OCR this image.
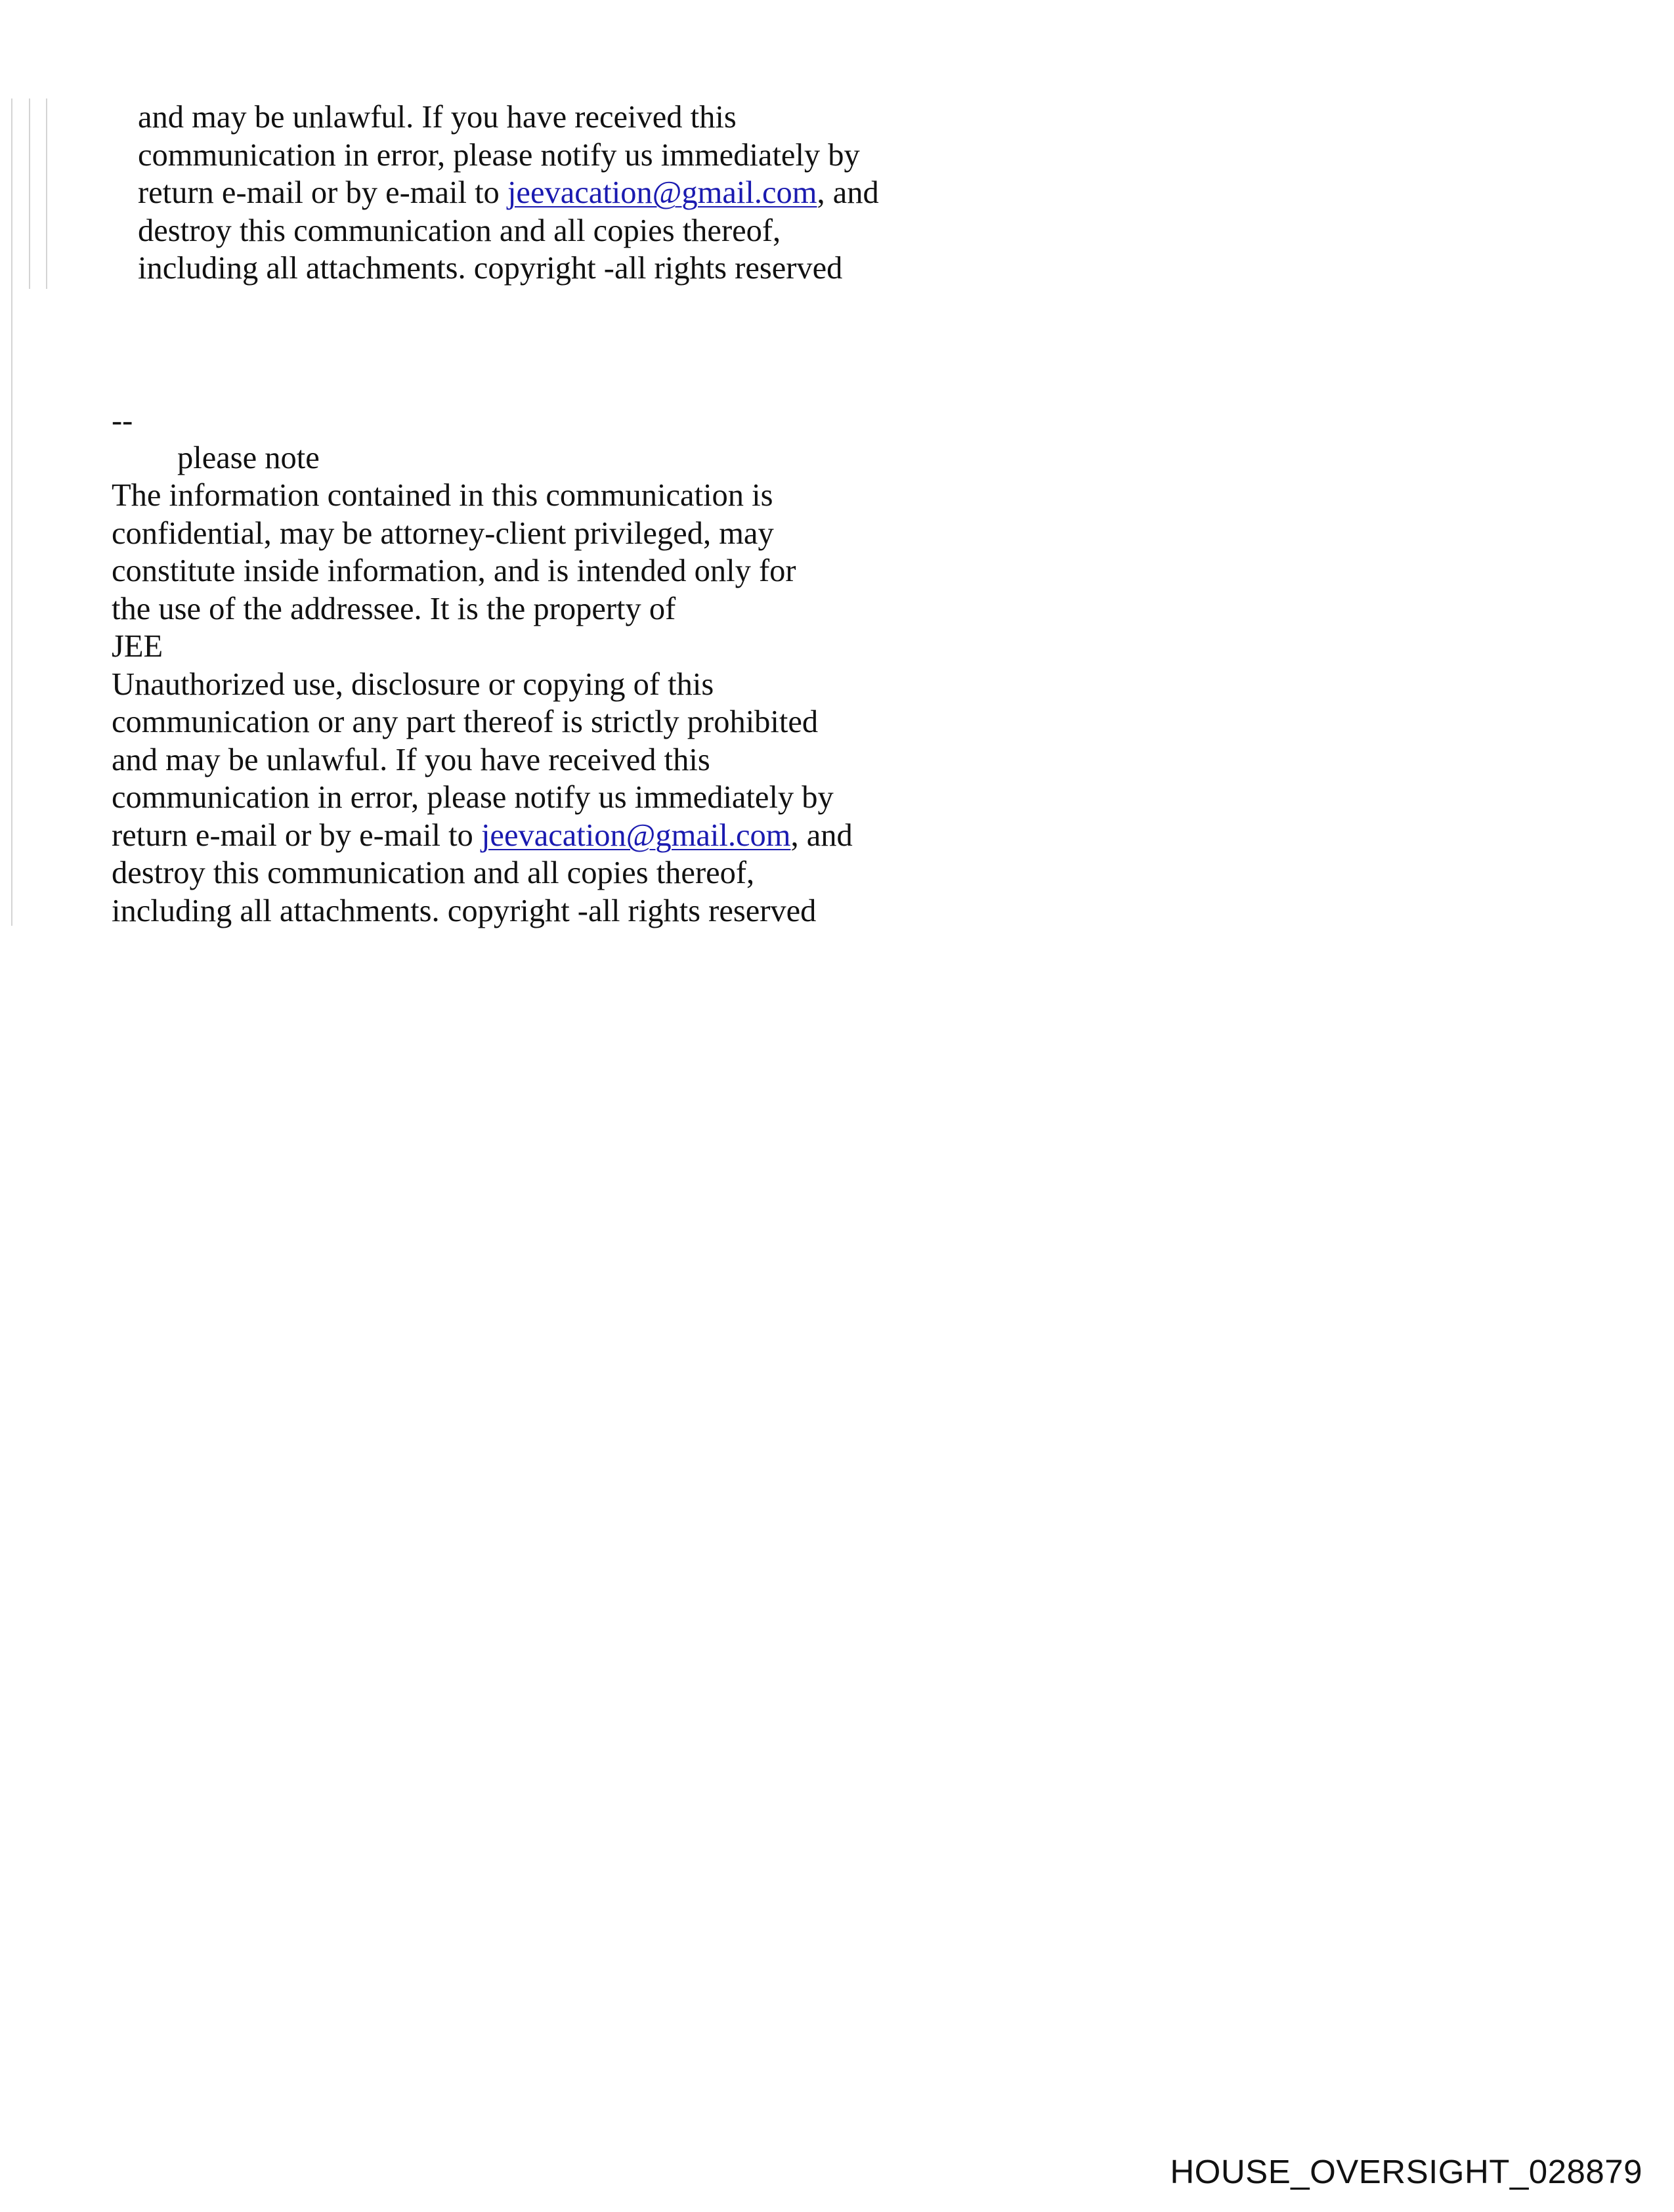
and may be unlawful. If you have received this
communication in error, please notify us immediately by
return e-mail or by e-mail to jeevacation@gmail.com, and
destroy this communication and all copies thereof,
including all attachments. copyright -all rights reserved
--
please note
The information contained in this communication is
confidential, may be attorney-client privileged, may
constitute inside information, and is intended only for
the use of the addressee. It is the property of
JEE
Unauthorized use, disclosure or copying of this
communication or any part thereof is strictly prohibited
and may be unlawful. If you have received this
communication in error, please notify us immediately by
return e-mail or by e-mail to jeevacation@gmail.com, and
destroy this communication and all copies thereof,
including all attachments. copyright -all rights reserved
HOUSE_OVERSIGHT_028879
